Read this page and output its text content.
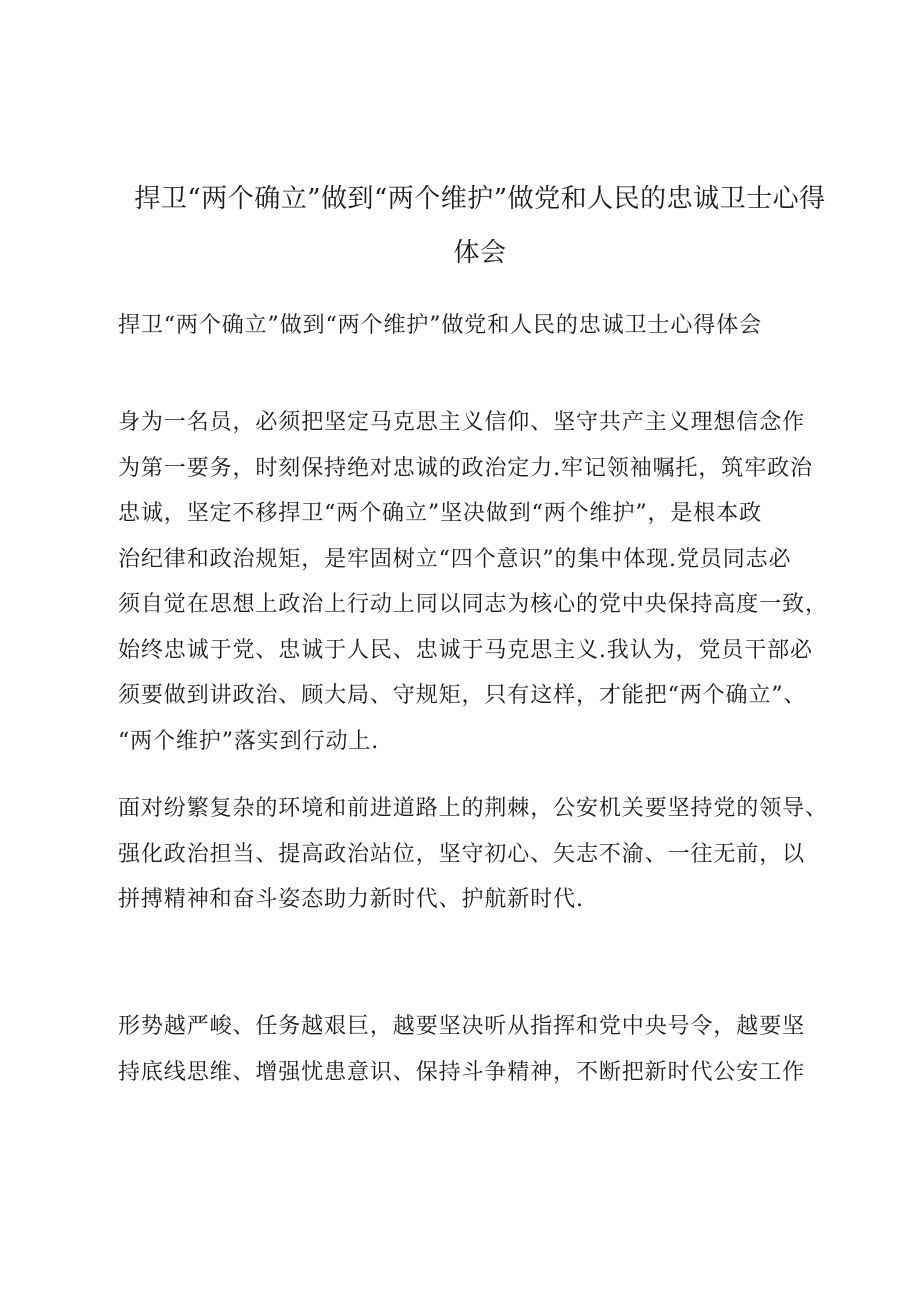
捍卫“两个确立”做到“两个维护”做党和人民的忠诚卫士心得
体会

捍卫“两个确立”做到“两个维护”做党和人民的忠诚卫士心得体会

身为一名员，必须把坚定马克思主义信仰、坚守共产主义理想信念作
为第一要务，时刻保持绝对忠诚的政治定力.牢记领袖嘱托，筑牢政治
忠诚，坚定不移捍卫“两个确立”坚决做到“两个维护”，是根本政
治纪律和政治规矩，是牢固树立“四个意识”的集中体现.党员同志必
须自觉在思想上政治上行动上同以同志为核心的党中央保持高度一致，
始终忠诚于党、忠诚于人民、忠诚于马克思主义.我认为，党员干部必
须要做到讲政治、顾大局、守规矩，只有这样，才能把“两个确立”、
“两个维护”落实到行动上.

面对纷繁复杂的环境和前进道路上的荆棘，公安机关要坚持党的领导、
强化政治担当、提高政治站位，坚守初心、矢志不渝、一往无前，以
拼搏精神和奋斗姿态助力新时代、护航新时代.

形势越严峻、任务越艰巨，越要坚决听从指挥和党中央号令，越要坚
持底线思维、增强忧患意识、保持斗争精神，不断把新时代公安工作
